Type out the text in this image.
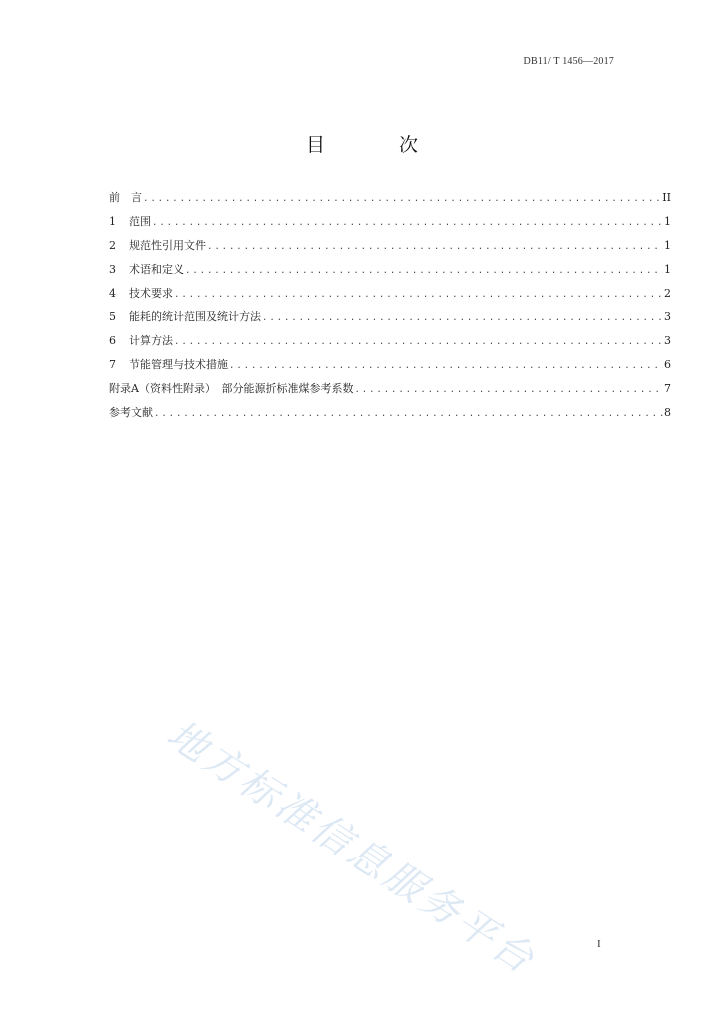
DB11/ T 1456—2017
目 次
前　言 .....	II
1	范围 .....	1
2	规范性引用文件 .....	1
3	术语和定义 .....	1
4	技术要求 .....	2
5	能耗的统计范围及统计方法 .....	3
6	计算方法 .....	3
7	节能管理与技术措施 .....	6
附录A（资料性附录）　部分能源折标准煤参考系数 .....	7
参考文献 .....	8
地方标准信息服务平台	I
